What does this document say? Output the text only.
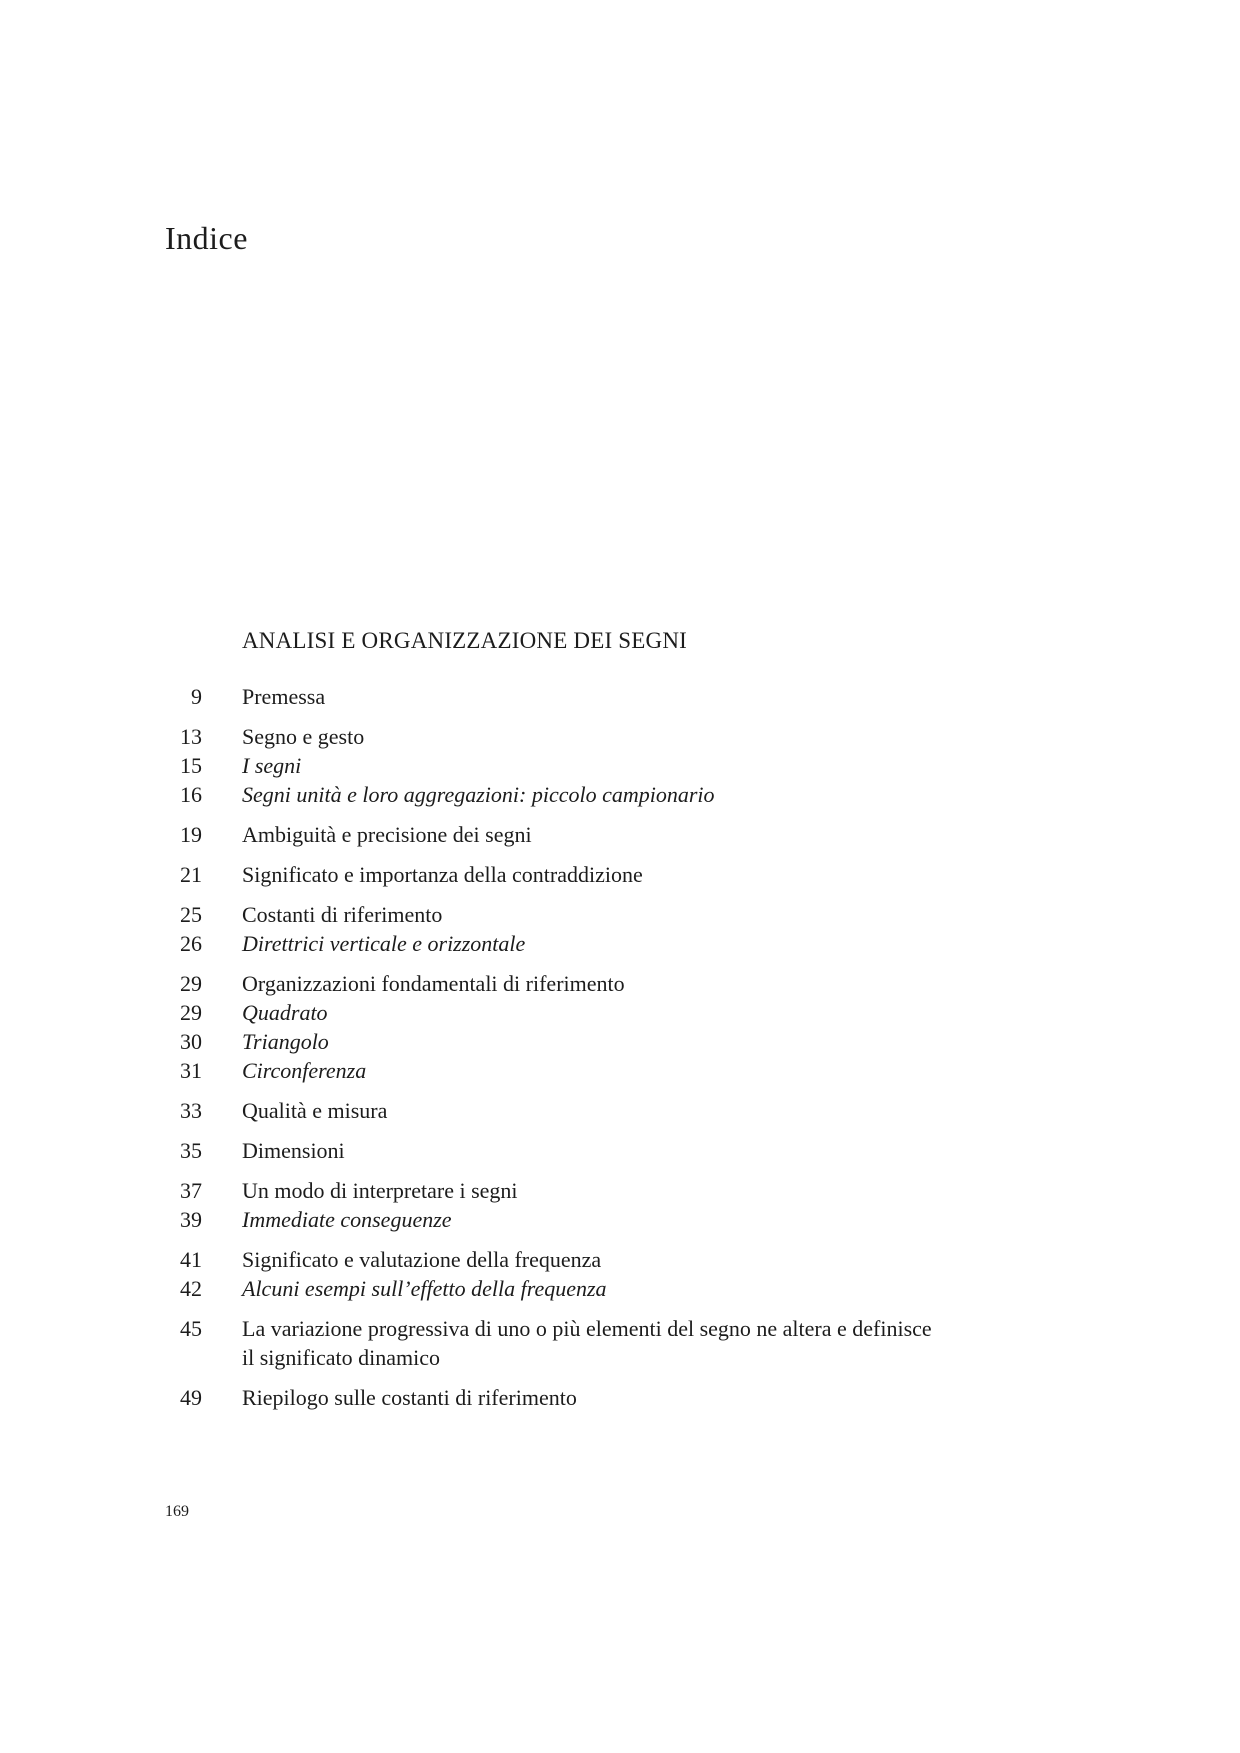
Indice
ANALISI E ORGANIZZAZIONE DEI SEGNI
9 Premessa
13 Segno e gesto
15 I segni
16 Segni unità e loro aggregazioni: piccolo campionario
19 Ambiguità e precisione dei segni
21 Significato e importanza della contraddizione
25 Costanti di riferimento
26 Direttrici verticale e orizzontale
29 Organizzazioni fondamentali di riferimento
29 Quadrato
30 Triangolo
31 Circonferenza
33 Qualità e misura
35 Dimensioni
37 Un modo di interpretare i segni
39 Immediate conseguenze
41 Significato e valutazione della frequenza
42 Alcuni esempi sull’effetto della frequenza
45 La variazione progressiva di uno o più elementi del segno ne altera e definisce il significato dinamico
49 Riepilogo sulle costanti di riferimento

169
